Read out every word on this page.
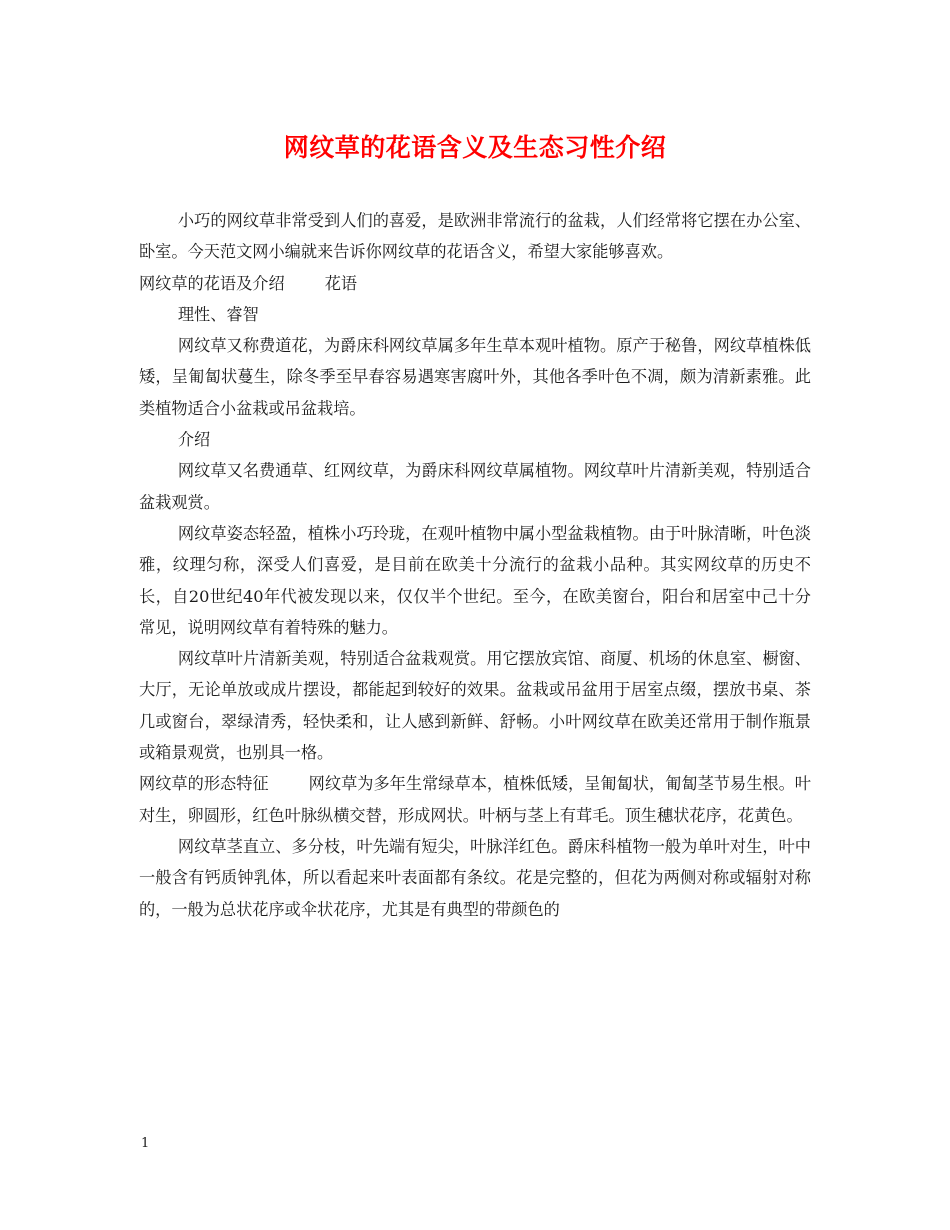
网纹草的花语含义及生态习性介绍

小巧的网纹草非常受到人们的喜爱，是欧洲非常流行的盆栽，人们经常将它摆在办公室、卧室。今天范文网小编就来告诉你网纹草的花语含义，希望大家能够喜欢。

网纹草的花语及介绍 花语

理性、睿智

网纹草又称费道花，为爵床科网纹草属多年生草本观叶植物。原产于秘鲁，网纹草植株低矮，呈匍匐状蔓生，除冬季至早春容易遇寒害腐叶外，其他各季叶色不凋，颇为清新素雅。此类植物适合小盆栽或吊盆栽培。

介绍

网纹草又名费通草、红网纹草，为爵床科网纹草属植物。网纹草叶片清新美观，特别适合盆栽观赏。

网纹草姿态轻盈，植株小巧玲珑，在观叶植物中属小型盆栽植物。由于叶脉清晰，叶色淡雅，纹理匀称，深受人们喜爱，是目前在欧美十分流行的盆栽小品种。其实网纹草的历史不长，自20世纪40年代被发现以来，仅仅半个世纪。至今，在欧美窗台，阳台和居室中己十分常见，说明网纹草有着特殊的魅力。

网纹草叶片清新美观，特别适合盆栽观赏。用它摆放宾馆、商厦、机场的休息室、橱窗、大厅，无论单放或成片摆设，都能起到较好的效果。盆栽或吊盆用于居室点缀，摆放书桌、茶几或窗台，翠绿清秀，轻快柔和，让人感到新鲜、舒畅。小叶网纹草在欧美还常用于制作瓶景或箱景观赏，也别具一格。

网纹草的形态特征 网纹草为多年生常绿草本，植株低矮，呈匍匐状，匍匐茎节易生根。叶对生，卵圆形，红色叶脉纵横交替，形成网状。叶柄与茎上有茸毛。顶生穗状花序，花黄色。

网纹草茎直立、多分枝，叶先端有短尖，叶脉洋红色。爵床科植物一般为单叶对生，叶中一般含有钙质钟乳体，所以看起来叶表面都有条纹。花是完整的，但花为两侧对称或辐射对称的，一般为总状花序或伞状花序，尤其是有典型的带颜色的

1
